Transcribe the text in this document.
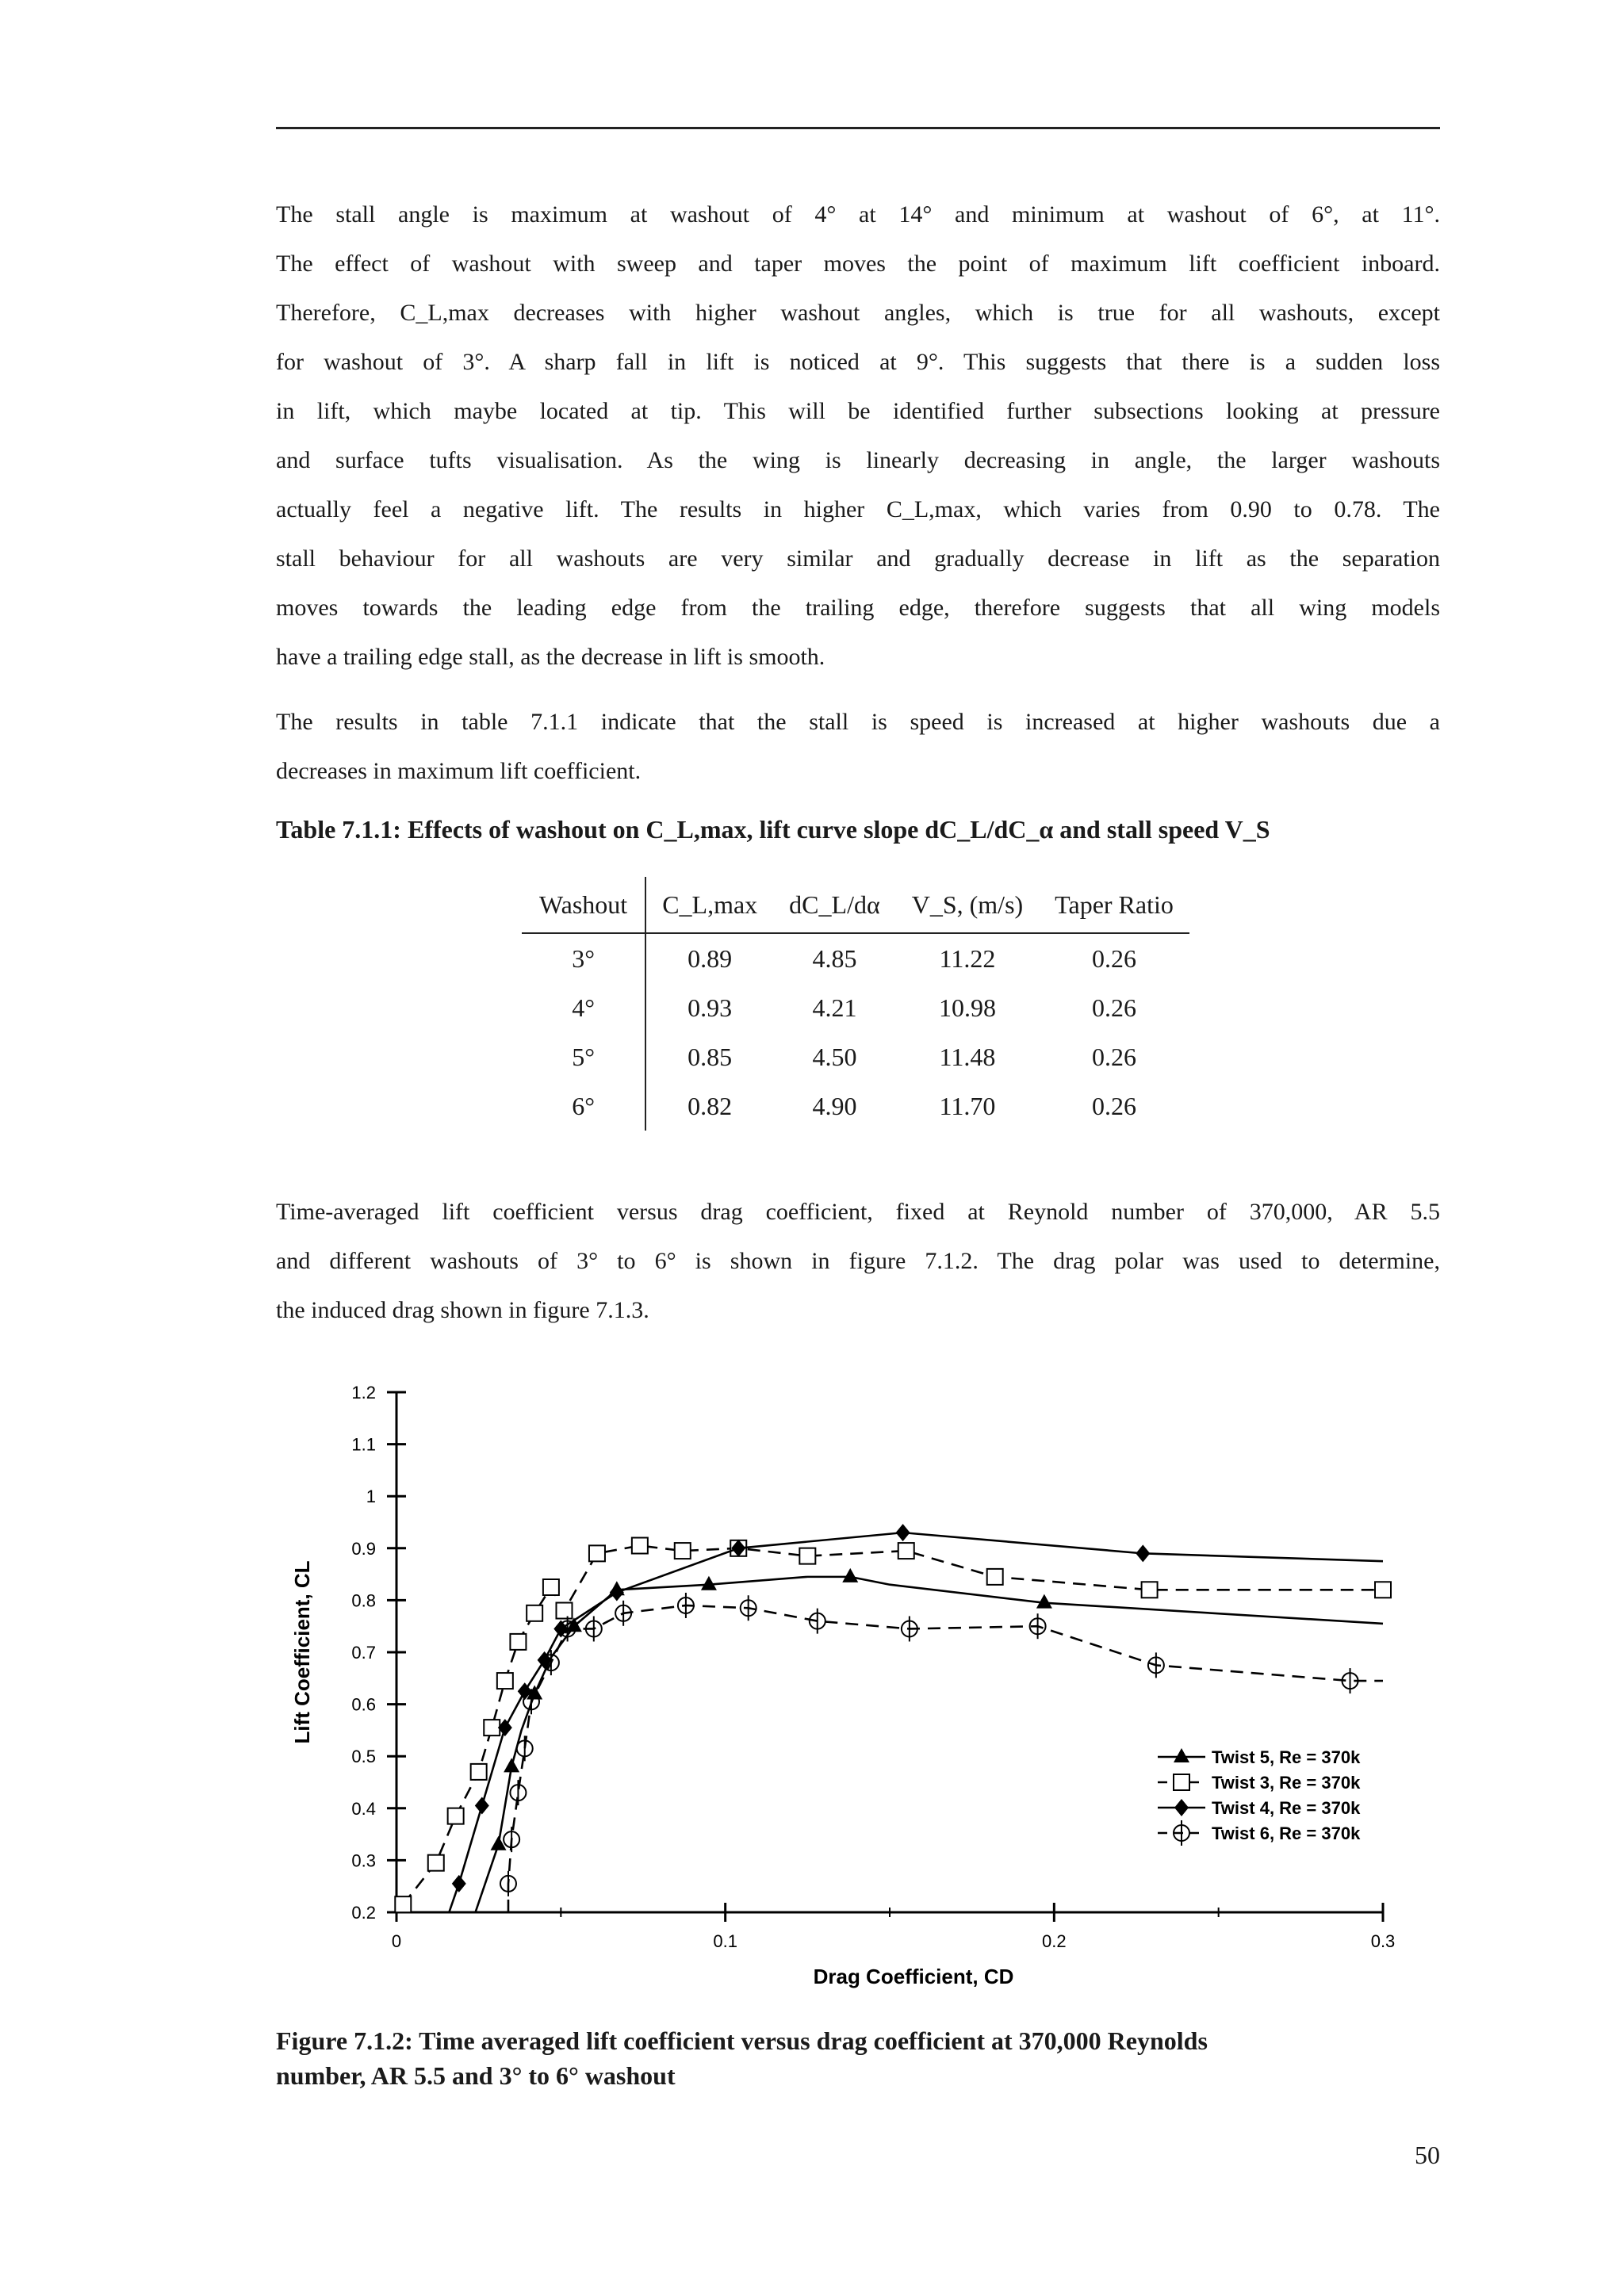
The stall angle is maximum at washout of 4° at 14° and minimum at washout of 6°, at 11°.
The effect of washout with sweep and taper moves the point of maximum lift coefficient inboard.
Therefore, C_L,max decreases with higher washout angles, which is true for all washouts, except
for washout of 3°. A sharp fall in lift is noticed at 9°. This suggests that there is a sudden loss
in lift, which maybe located at tip. This will be identified further subsections looking at pressure
and surface tufts visualisation. As the wing is linearly decreasing in angle, the larger washouts
actually feel a negative lift. The results in higher C_L,max, which varies from 0.90 to 0.78. The
stall behaviour for all washouts are very similar and gradually decrease in lift as the separation
moves towards the leading edge from the trailing edge, therefore suggests that all wing models
have a trailing edge stall, as the decrease in lift is smooth.
The results in table 7.1.1 indicate that the stall is speed is increased at higher washouts due a
decreases in maximum lift coefficient.
Table 7.1.1: Effects of washout on C_L,max, lift curve slope dC_L/dC_α and stall speed V_S
Washout	C_L,max	dC_L/dα	V_S, (m/s)	Taper Ratio
3°	0.89	4.85	11.22	0.26
4°	0.93	4.21	10.98	0.26
5°	0.85	4.50	11.48	0.26
6°	0.82	4.90	11.70	0.26
Time-averaged lift coefficient versus drag coefficient, fixed at Reynold number of 370,000, AR 5.5
and different washouts of 3° to 6° is shown in figure 7.1.2. The drag polar was used to determine,
the induced drag shown in figure 7.1.3.
0.2
0.3
0.4
0.5
0.6
0.7
0.8
0.9
1
1.1
1.2
0	0.1	0.2	0.3
Drag Coefficient, CD
Lift Coefficient, CL
Twist 5, Re = 370k
Twist 3, Re = 370k
Twist 4, Re = 370k
Twist 6, Re = 370k
Figure 7.1.2: Time averaged lift coefficient versus drag coefficient at 370,000 Reynolds
number, AR 5.5 and 3° to 6° washout
50
